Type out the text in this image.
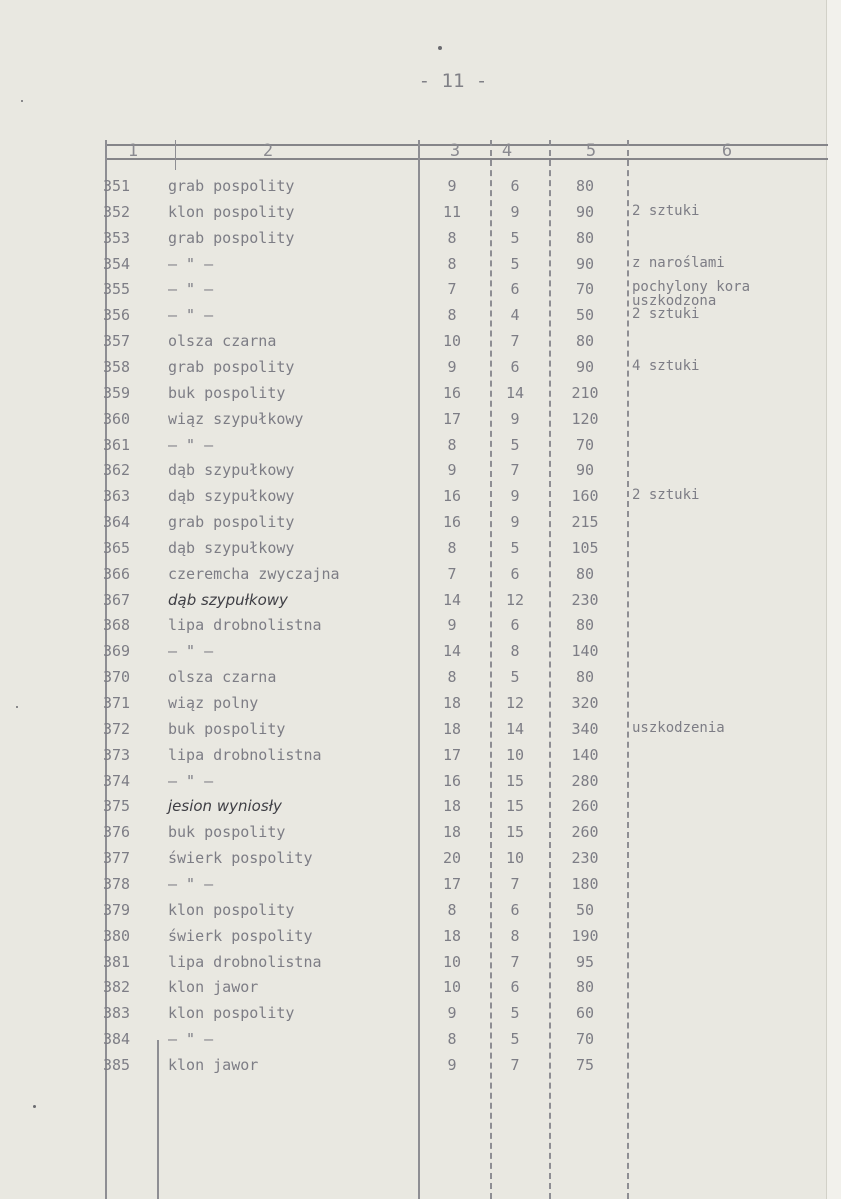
- 11 -
1	2	3	4	5	6
351	grab pospolity	9	6	80
352	klon pospolity	11	9	90	2 sztuki
353	grab pospolity	8	5	80
354	– " –	8	5	90	z naroślami
355	– " –	7	6	70	pochylony kora uszkodzona
356	– " –	8	4	50	2 sztuki
357	olsza czarna	10	7	80
358	grab pospolity	9	6	90	4 sztuki
359	buk pospolity	16	14	210
360	wiąz szypułkowy	17	9	120
361	– " –	8	5	70
362	dąb szypułkowy	9	7	90
363	dąb szypułkowy	16	9	160	2 sztuki
364	grab pospolity	16	9	215
365	dąb szypułkowy	8	5	105
366	czeremcha zwyczajna	7	6	80
367	dąb szypułkowy	14	12	230
368	lipa drobnolistna	9	6	80
369	– " –	14	8	140
370	olsza czarna	8	5	80
371	wiąz polny	18	12	320
372	buk pospolity	18	14	340	uszkodzenia
373	lipa drobnolistna	17	10	140
374	– " –	16	15	280
375	jesion wyniosły	18	15	260
376	buk pospolity	18	15	260
377	świerk pospolity	20	10	230
378	– " –	17	7	180
379	klon pospolity	8	6	50
380	świerk pospolity	18	8	190
381	lipa drobnolistna	10	7	95
382	klon jawor	10	6	80
383	klon pospolity	9	5	60
384	– " –	8	5	70
385	klon jawor	9	7	75
